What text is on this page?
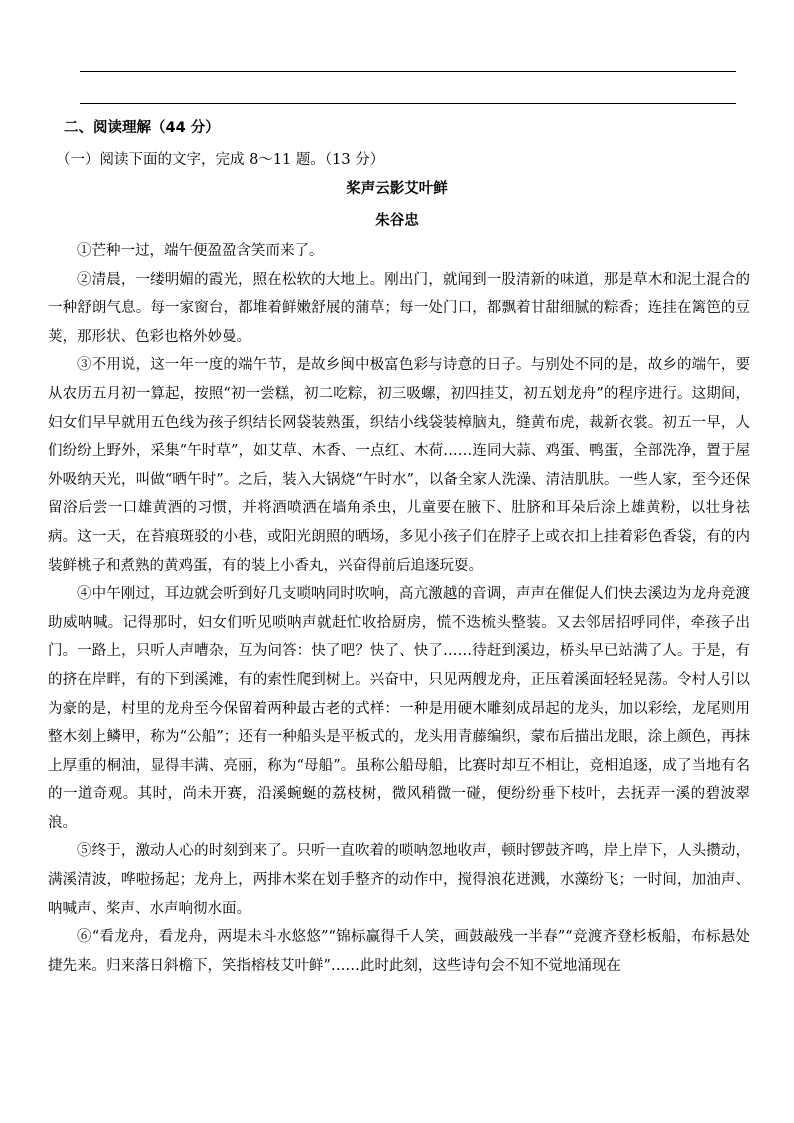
二、阅读理解（44 分）
（一）阅读下面的文字，完成 8～11 题。（13 分）
桨声云影艾叶鲜
朱谷忠

①芒种一过，端午便盈盈含笑而来了。

②清晨，一缕明媚的霞光，照在松软的大地上。刚出门，就闻到一股清新的味道，那是草木和泥土混合的一种舒朗气息。每一家窗台，都堆着鲜嫩舒展的蒲草；每一处门口，都飘着甘甜细腻的粽香；连挂在篱笆的豆荚，那形状、色彩也格外妙曼。

③不用说，这一年一度的端午节，是故乡闽中极富色彩与诗意的日子。与别处不同的是，故乡的端午，要从农历五月初一算起，按照“初一尝糕，初二吃粽，初三吸螺，初四挂艾，初五划龙舟”的程序进行。这期间，妇女们早早就用五色线为孩子织结长网袋装熟蛋，织结小线袋装樟脑丸，缝黄布虎，裁新衣裳。初五一早，人们纷纷上野外，采集“午时草”，如艾草、木香、一点红、木荷……连同大蒜、鸡蛋、鸭蛋，全部洗净，置于屋外吸纳天光，叫做“晒午时”。之后，装入大锅烧“午时水”，以备全家人洗澡、清洁肌肤。一些人家，至今还保留浴后尝一口雄黄酒的习惯，并将酒喷洒在墙角杀虫，儿童要在腋下、肚脐和耳朵后涂上雄黄粉，以壮身祛病。这一天，在苔痕斑驳的小巷，或阳光朗照的晒场，多见小孩子们在脖子上或衣扣上挂着彩色香袋，有的内装鲜桃子和煮熟的黄鸡蛋，有的装上小香丸，兴奋得前后追逐玩耍。

④中午刚过，耳边就会听到好几支唢呐同时吹响，高亢激越的音调，声声在催促人们快去溪边为龙舟竞渡助威呐喊。记得那时，妇女们听见唢呐声就赶忙收拾厨房，慌不迭梳头整装。又去邻居招呼同伴，牵孩子出门。一路上，只听人声嘈杂，互为问答：快了吧？快了、快了……待赶到溪边，桥头早已站满了人。于是，有的挤在岸畔，有的下到溪滩，有的索性爬到树上。兴奋中，只见两艘龙舟，正压着溪面轻轻晃荡。令村人引以为豪的是，村里的龙舟至今保留着两种最古老的式样：一种是用硬木雕刻成昂起的龙头，加以彩绘，龙尾则用整木刻上鳞甲，称为“公船”；还有一种船头是平板式的，龙头用青藤编织，蒙布后描出龙眼，涂上颜色，再抹上厚重的桐油，显得丰满、亮丽，称为“母船”。虽称公船母船，比赛时却互不相让，竞相追逐，成了当地有名的一道奇观。其时，尚未开赛，沿溪蜿蜒的荔枝树，微风稍微一碰，便纷纷垂下枝叶，去抚弄一溪的碧波翠浪。

⑤终于，激动人心的时刻到来了。只听一直吹着的唢呐忽地收声，顿时锣鼓齐鸣，岸上岸下，人头攒动，满溪清波，哗啦扬起；龙舟上，两排木桨在划手整齐的动作中，搅得浪花迸溅，水藻纷飞；一时间，加油声、呐喊声、桨声、水声响彻水面。

⑥“看龙舟，看龙舟，两堤未斗水悠悠”“锦标赢得千人笑，画鼓敲残一半春”“竞渡齐登杉板船，布标悬处捷先来。归来落日斜檐下，笑指榕枝艾叶鲜”……此时此刻，这些诗句会不知不觉地涌现在
